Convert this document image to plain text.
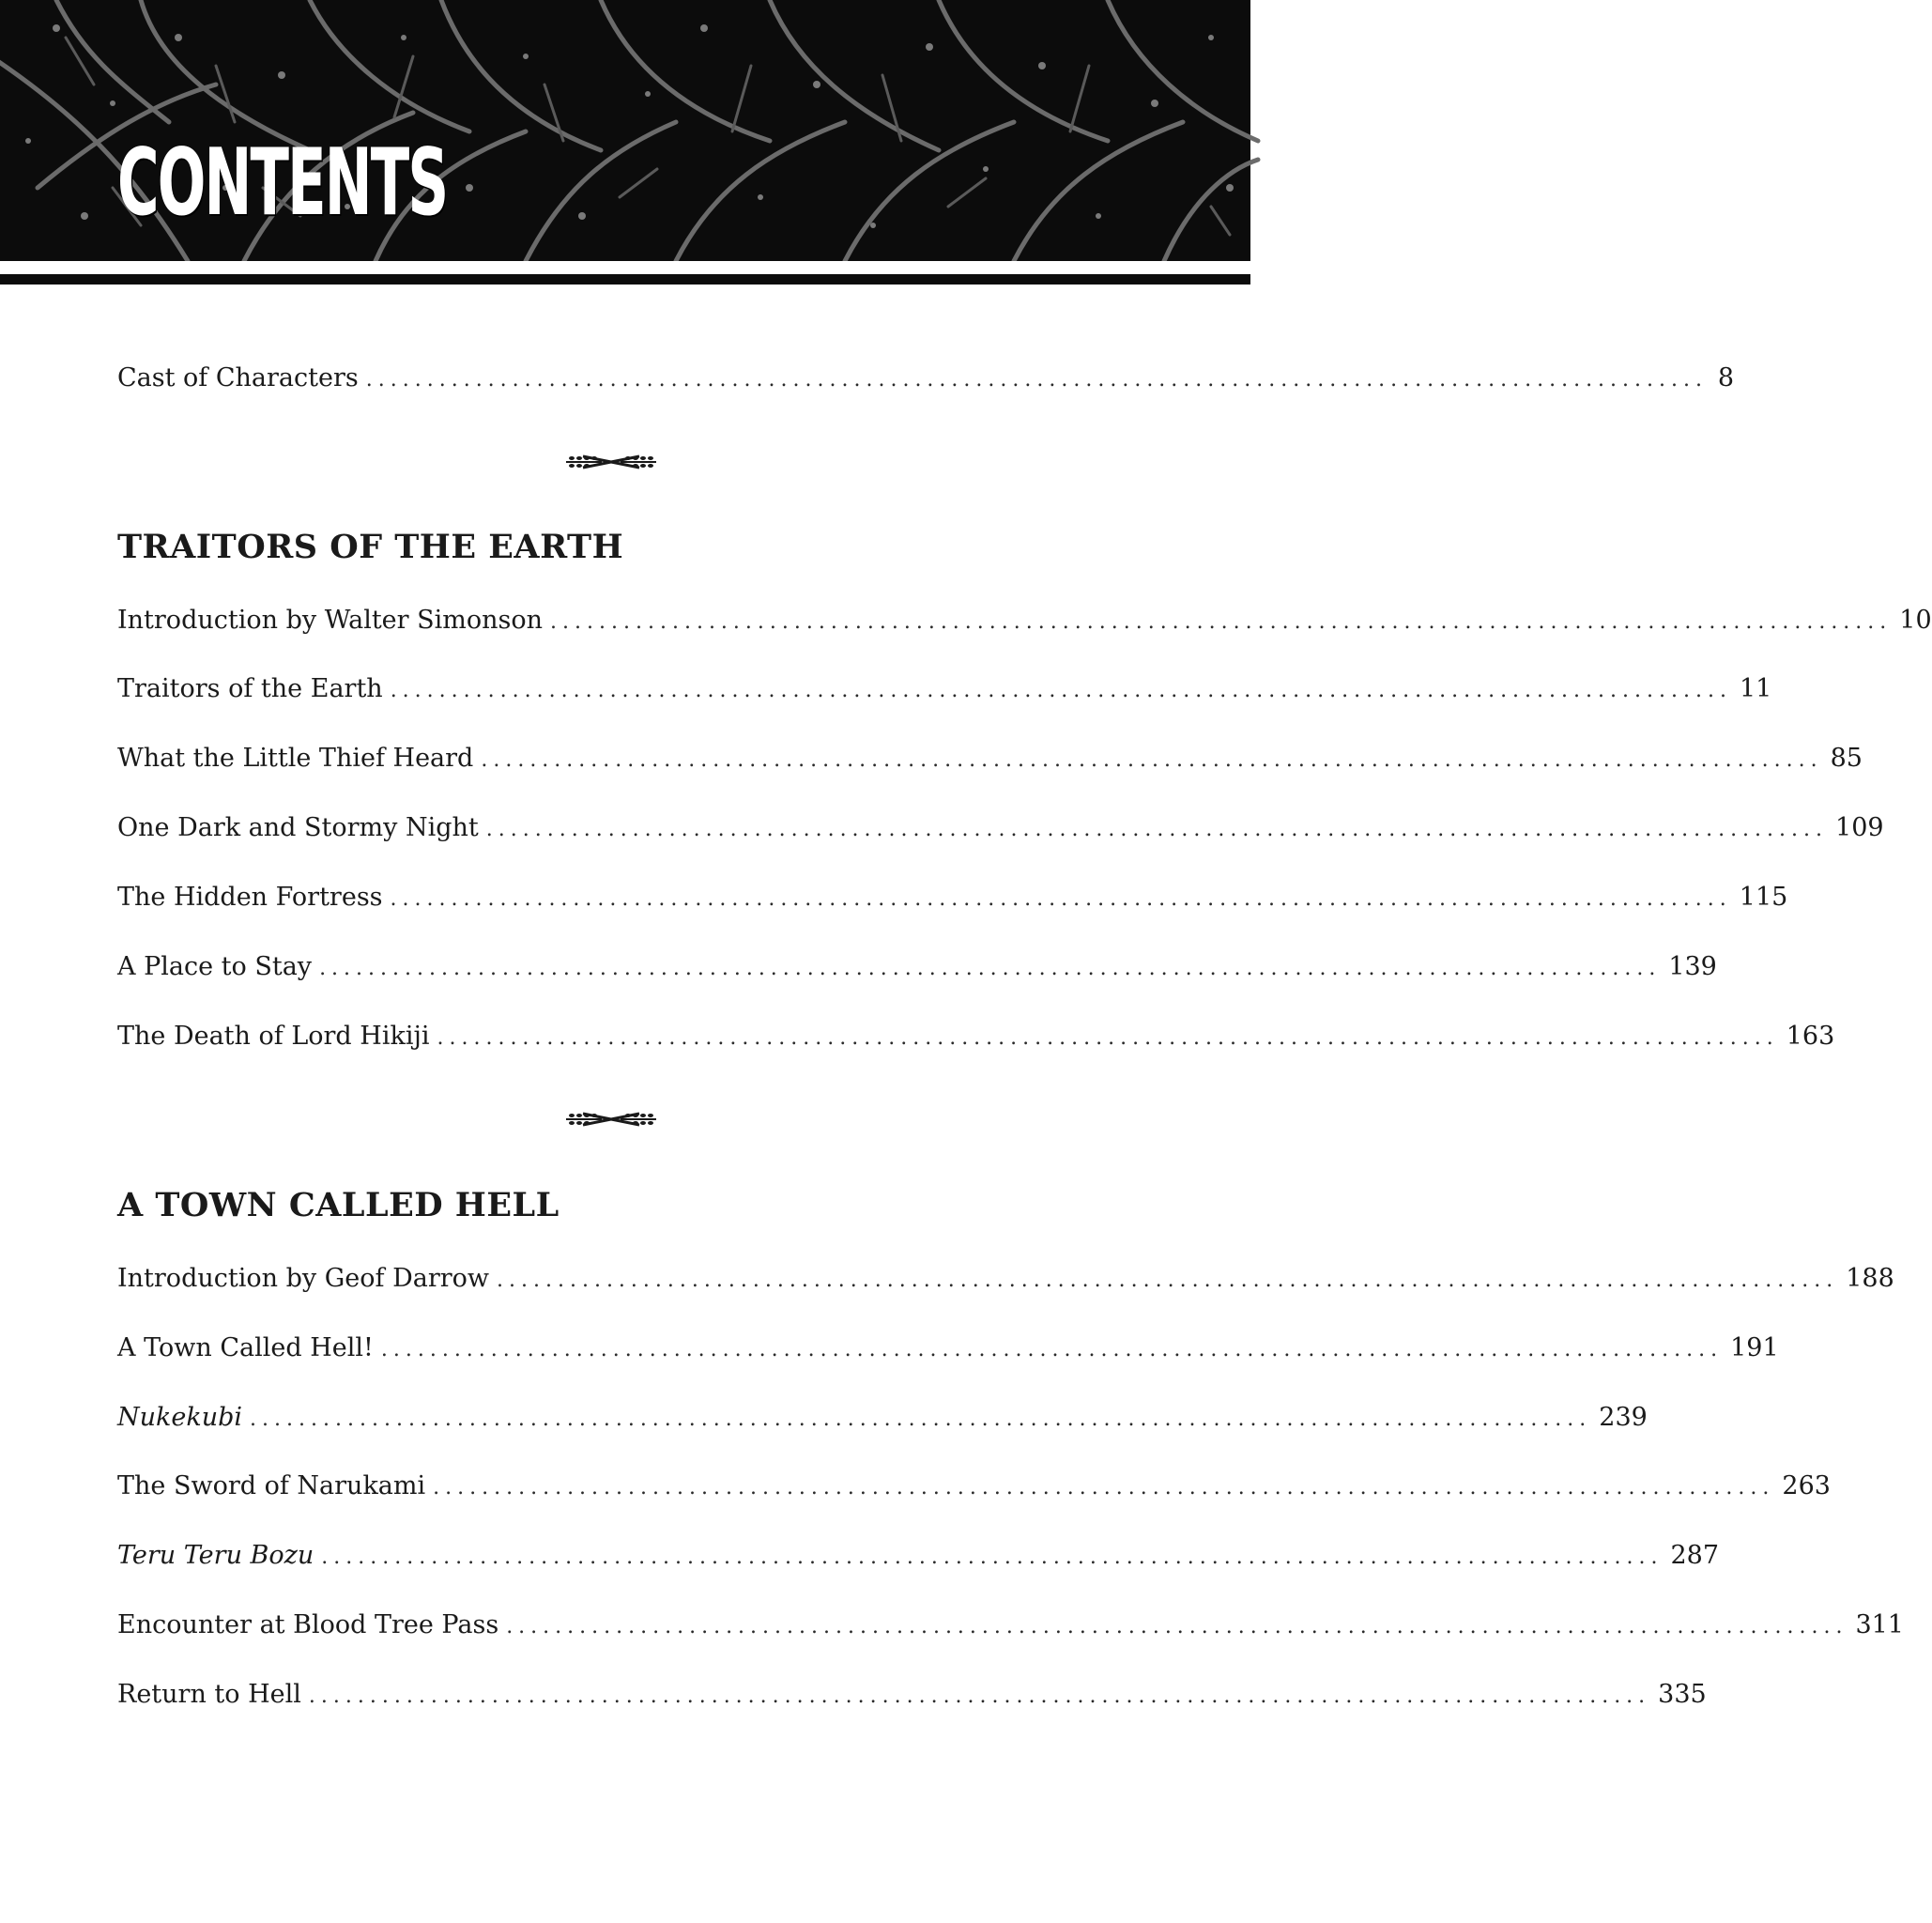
CONTENTS
Cast of Characters .............................................................................................................. 8
TRAITORS OF THE EARTH
Introduction by Walter Simonson .............................................................................................................. 10
Traitors of the Earth .............................................................................................................. 11
What the Little Thief Heard .............................................................................................................. 85
One Dark and Stormy Night .............................................................................................................. 109
The Hidden Fortress .............................................................................................................. 115
A Place to Stay .............................................................................................................. 139
The Death of Lord Hikiji .............................................................................................................. 163
A TOWN CALLED HELL
Introduction by Geof Darrow .............................................................................................................. 188
A Town Called Hell! .............................................................................................................. 191
Nukekubi .............................................................................................................. 239
The Sword of Narukami .............................................................................................................. 263
Teru Teru Bozu .............................................................................................................. 287
Encounter at Blood Tree Pass .............................................................................................................. 311
Return to Hell .............................................................................................................. 335
